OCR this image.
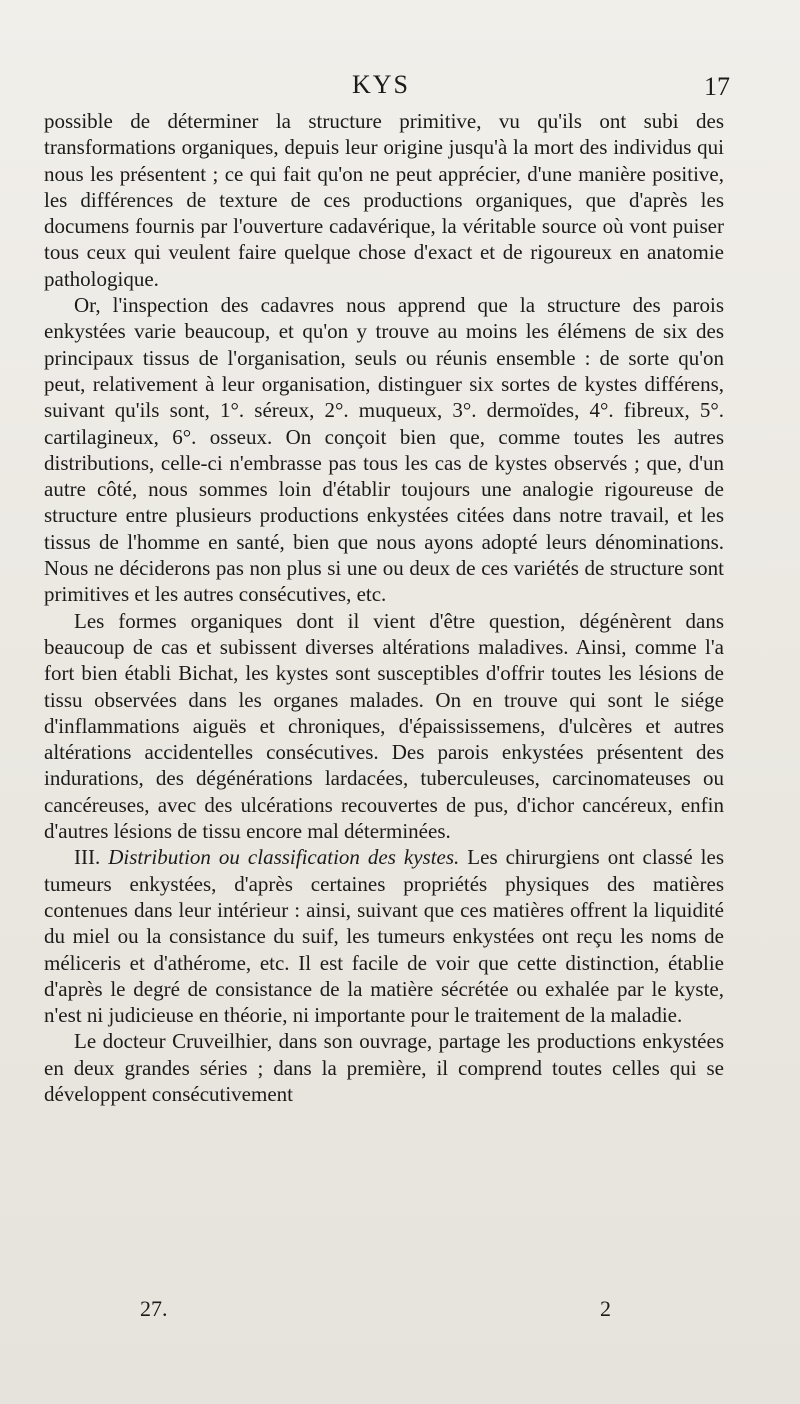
KYS	17

possible de déterminer la structure primitive, vu qu'ils ont subi des transformations organiques, depuis leur origine jusqu'à la mort des individus qui nous les présentent ; ce qui fait qu'on ne peut apprécier, d'une manière positive, les différences de texture de ces productions organiques, que d'après les documens fournis par l'ouverture cadavérique, la véritable source où vont puiser tous ceux qui veulent faire quelque chose d'exact et de rigoureux en anatomie pathologique.

Or, l'inspection des cadavres nous apprend que la structure des parois enkystées varie beaucoup, et qu'on y trouve au moins les élémens de six des principaux tissus de l'organisation, seuls ou réunis ensemble : de sorte qu'on peut, relativement à leur organisation, distinguer six sortes de kystes différens, suivant qu'ils sont, 1°. séreux, 2°. muqueux, 3°. dermoïdes, 4°. fibreux, 5°. cartilagineux, 6°. osseux. On conçoit bien que, comme toutes les autres distributions, celle-ci n'embrasse pas tous les cas de kystes observés ; que, d'un autre côté, nous sommes loin d'établir toujours une analogie rigoureuse de structure entre plusieurs productions enkystées citées dans notre travail, et les tissus de l'homme en santé, bien que nous ayons adopté leurs dénominations. Nous ne déciderons pas non plus si une ou deux de ces variétés de structure sont primitives et les autres consécutives, etc.

Les formes organiques dont il vient d'être question, dégénèrent dans beaucoup de cas et subissent diverses altérations maladives. Ainsi, comme l'a fort bien établi Bichat, les kystes sont susceptibles d'offrir toutes les lésions de tissu observées dans les organes malades. On en trouve qui sont le siége d'inflammations aiguës et chroniques, d'épaississemens, d'ulcères et autres altérations accidentelles consécutives. Des parois enkystées présentent des indurations, des dégénérations lardacées, tuberculeuses, carcinomateuses ou cancéreuses, avec des ulcérations recouvertes de pus, d'ichor cancéreux, enfin d'autres lésions de tissu encore mal déterminées.

III. Distribution ou classification des kystes. Les chirurgiens ont classé les tumeurs enkystées, d'après certaines propriétés physiques des matières contenues dans leur intérieur : ainsi, suivant que ces matières offrent la liquidité du miel ou la consistance du suif, les tumeurs enkystées ont reçu les noms de méliceris et d'athérome, etc. Il est facile de voir que cette distinction, établie d'après le degré de consistance de la matière sécrétée ou exhalée par le kyste, n'est ni judicieuse en théorie, ni importante pour le traitement de la maladie.

Le docteur Cruveilhier, dans son ouvrage, partage les productions enkystées en deux grandes séries ; dans la première, il comprend toutes celles qui se développent consécutivement

27.	2
